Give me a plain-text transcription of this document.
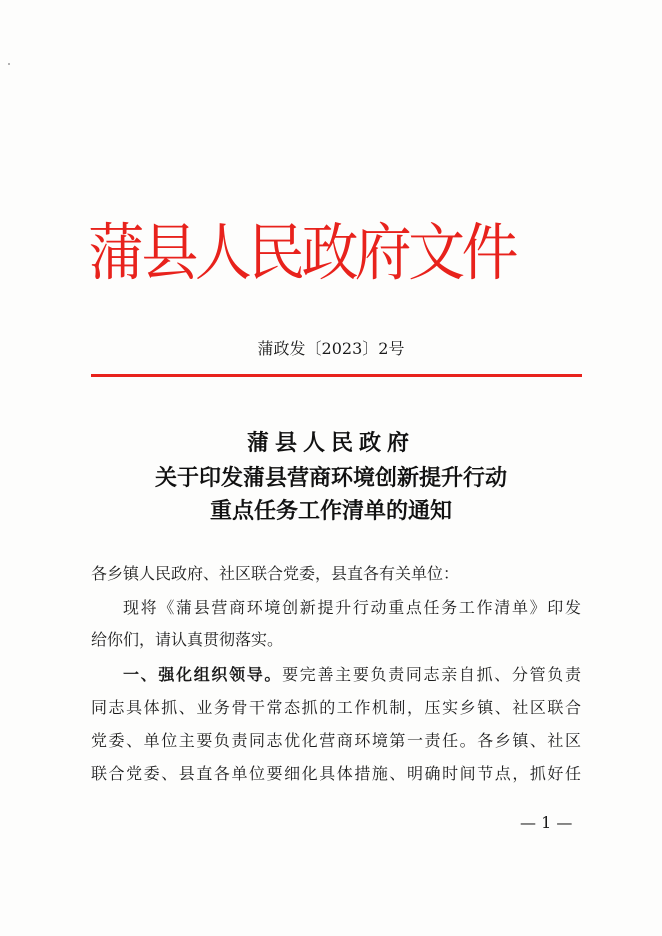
蒲县人民政府文件
蒲政发〔2023〕2号
蒲县人民政府
关于印发蒲县营商环境创新提升行动
重点任务工作清单的通知
各乡镇人民政府、社区联合党委，县直各有关单位：
现将《蒲县营商环境创新提升行动重点任务工作清单》印发
给你们，请认真贯彻落实。
一、强化组织领导。要完善主要负责同志亲自抓、分管负责
同志具体抓、业务骨干常态抓的工作机制，压实乡镇、社区联合
党委、单位主要负责同志优化营商环境第一责任。各乡镇、社区
联合党委、县直各单位要细化具体措施、明确时间节点，抓好任
— 1 —
